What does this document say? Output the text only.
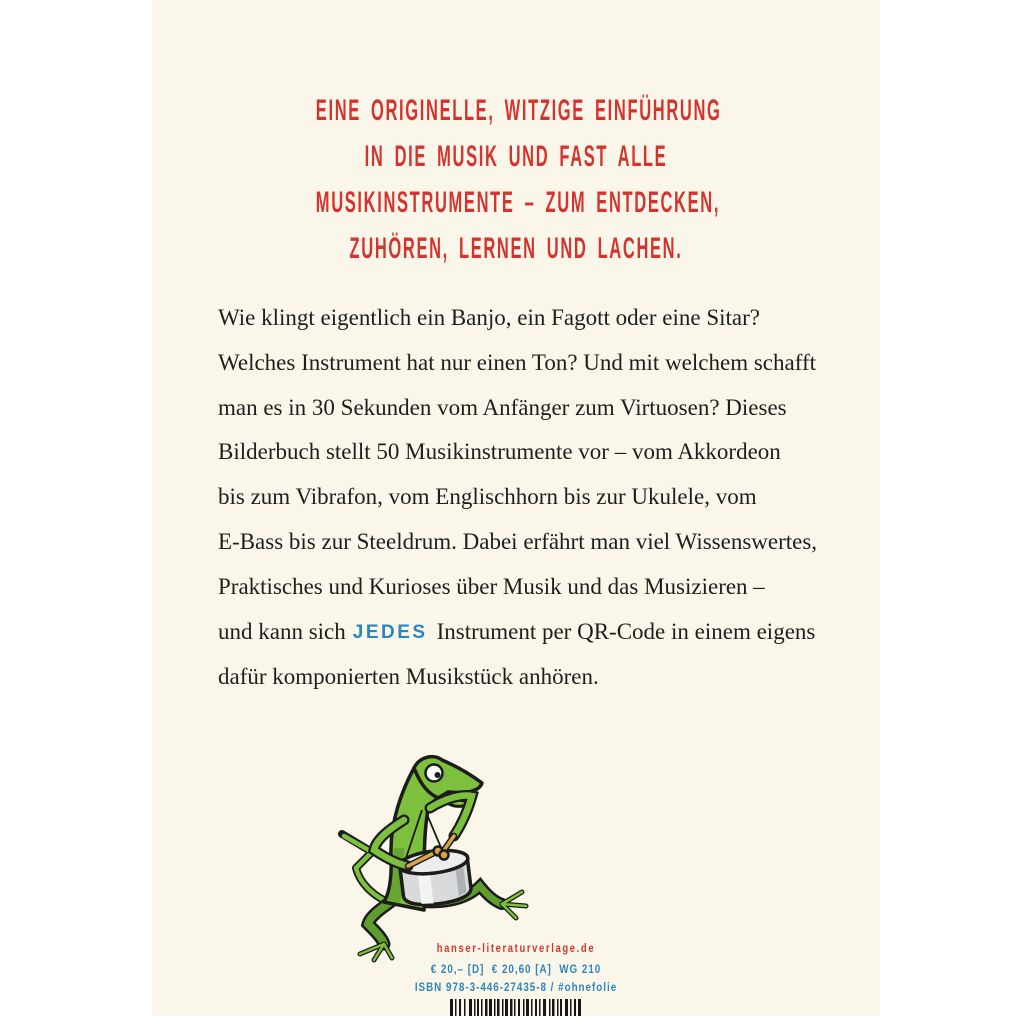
EINE ORIGINELLE, WITZIGE EINFÜHRUNG
IN DIE MUSIK UND FAST ALLE
MUSIKINSTRUMENTE – ZUM ENTDECKEN,
ZUHÖREN, LERNEN UND LACHEN.
Wie klingt eigentlich ein Banjo, ein Fagott oder eine Sitar?
Welches Instrument hat nur einen Ton? Und mit welchem schafft
man es in 30 Sekunden vom Anfänger zum Virtuosen? Dieses
Bilderbuch stellt 50 Musikinstrumente vor – vom Akkordeon
bis zum Vibrafon, vom Englischhorn bis zur Ukulele, vom
E-Bass bis zur Steeldrum. Dabei erfährt man viel Wissenswertes,
Praktisches und Kurioses über Musik und das Musizieren –
und kann sich JEDES Instrument per QR-Code in einem eigens
dafür komponierten Musikstück anhören.
hanser-literaturverlage.de
€ 20,– [D]  € 20,60 [A]  WG 210
ISBN 978-3-446-27435-8 / #ohnefolie
